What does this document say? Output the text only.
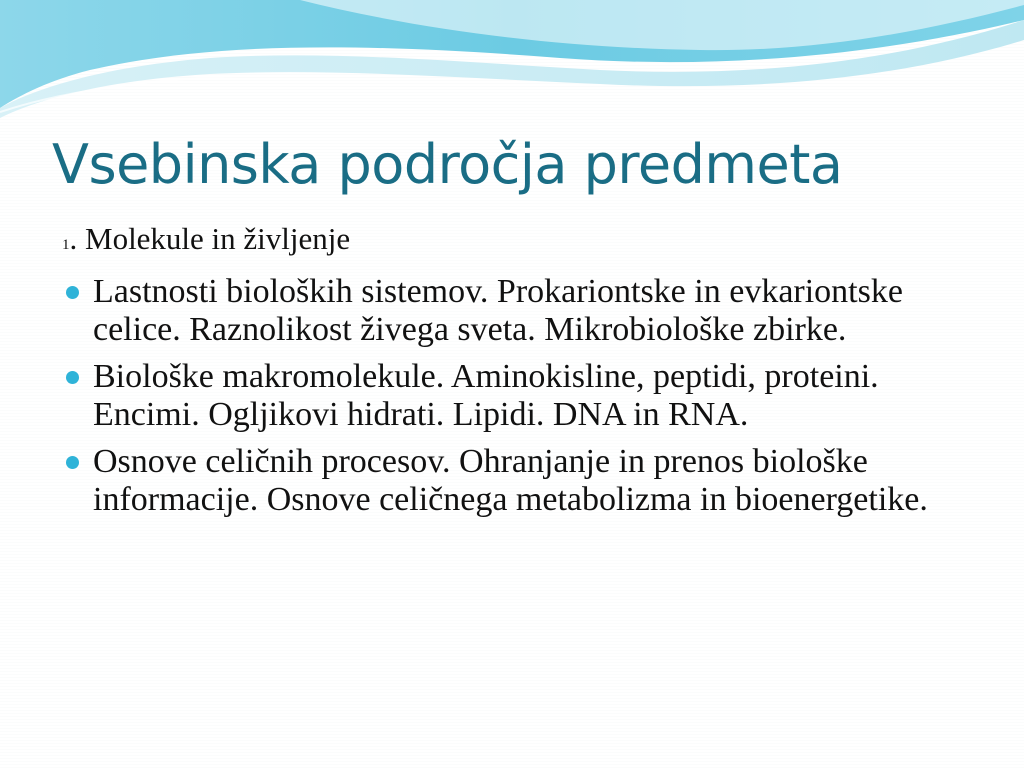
Vsebinska področja predmeta
1. Molekule in življenje
Lastnosti bioloških sistemov. Prokariontske in evkariontske celice. Raznolikost živega sveta. Mikrobiološke zbirke.
Biološke makromolekule. Aminokisline, peptidi, proteini. Encimi. Ogljikovi hidrati. Lipidi. DNA in RNA.
Osnove celičnih procesov. Ohranjanje in prenos biološke informacije. Osnove celičnega metabolizma in bioenergetike.
